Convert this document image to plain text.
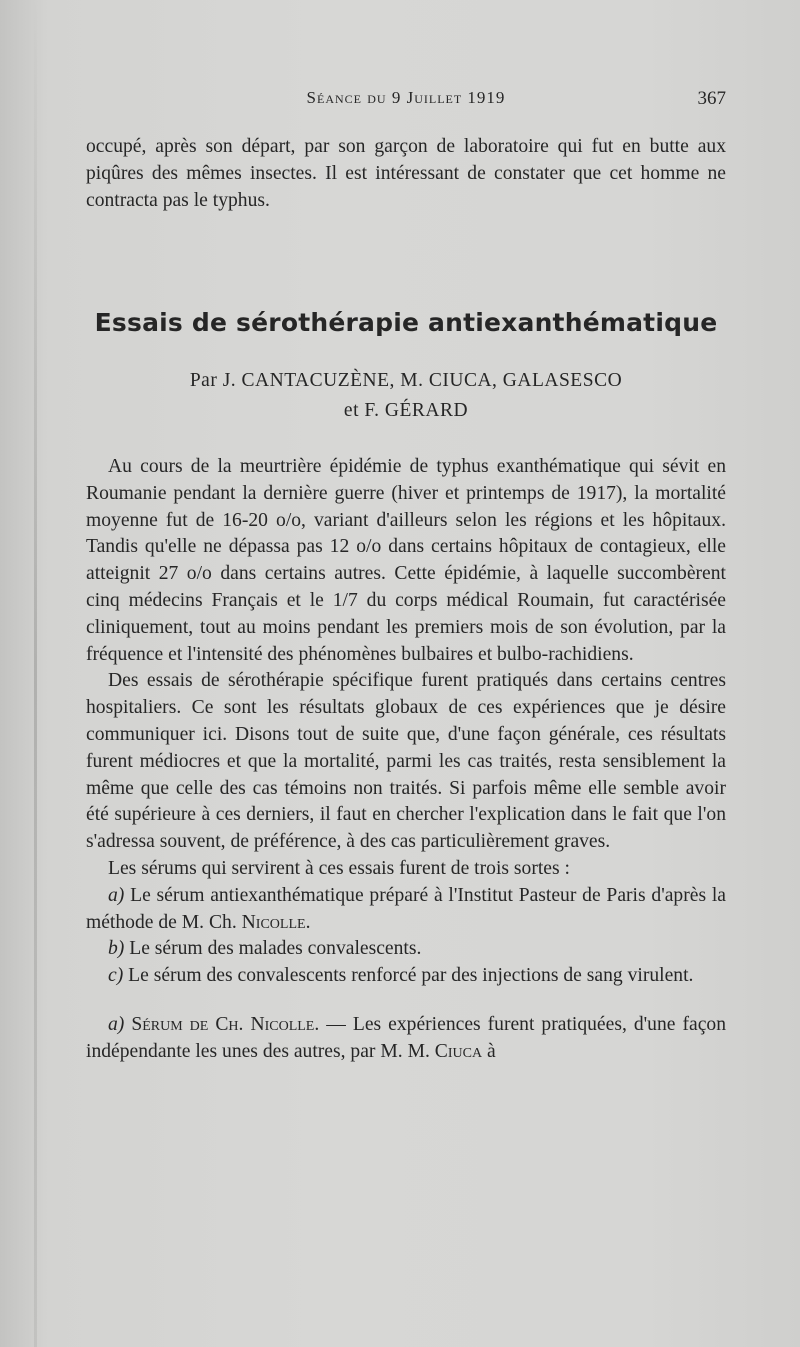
Séance du 9 Juillet 1919	367

occupé, après son départ, par son garçon de laboratoire qui fut en butte aux piqûres des mêmes insectes. Il est intéressant de constater que cet homme ne contracta pas le typhus.

Essais de sérothérapie antiexanthématique
Par J. CANTACUZÈNE, M. CIUCA, GALASESCO
et F. GÉRARD

Au cours de la meurtrière épidémie de typhus exanthématique qui sévit en Roumanie pendant la dernière guerre (hiver et printemps de 1917), la mortalité moyenne fut de 16-20 o/o, variant d'ailleurs selon les régions et les hôpitaux. Tandis qu'elle ne dépassa pas 12 o/o dans certains hôpitaux de contagieux, elle atteignit 27 o/o dans certains autres. Cette épidémie, à laquelle succombèrent cinq médecins Français et le 1/7 du corps médical Roumain, fut caractérisée cliniquement, tout au moins pendant les premiers mois de son évolution, par la fréquence et l'intensité des phénomènes bulbaires et bulbo-rachidiens.

Des essais de sérothérapie spécifique furent pratiqués dans certains centres hospitaliers. Ce sont les résultats globaux de ces expériences que je désire communiquer ici. Disons tout de suite que, d'une façon générale, ces résultats furent médiocres et que la mortalité, parmi les cas traités, resta sensiblement la même que celle des cas témoins non traités. Si parfois même elle semble avoir été supérieure à ces derniers, il faut en chercher l'explication dans le fait que l'on s'adressa souvent, de préférence, à des cas particulièrement graves.

Les sérums qui servirent à ces essais furent de trois sortes :

a) Le sérum antiexanthématique préparé à l'Institut Pasteur de Paris d'après la méthode de M. Ch. Nicolle.

b) Le sérum des malades convalescents.

c) Le sérum des convalescents renforcé par des injections de sang virulent.

a) Sérum de Ch. Nicolle. — Les expériences furent pratiquées, d'une façon indépendante les unes des autres, par M. M. Ciuca à
